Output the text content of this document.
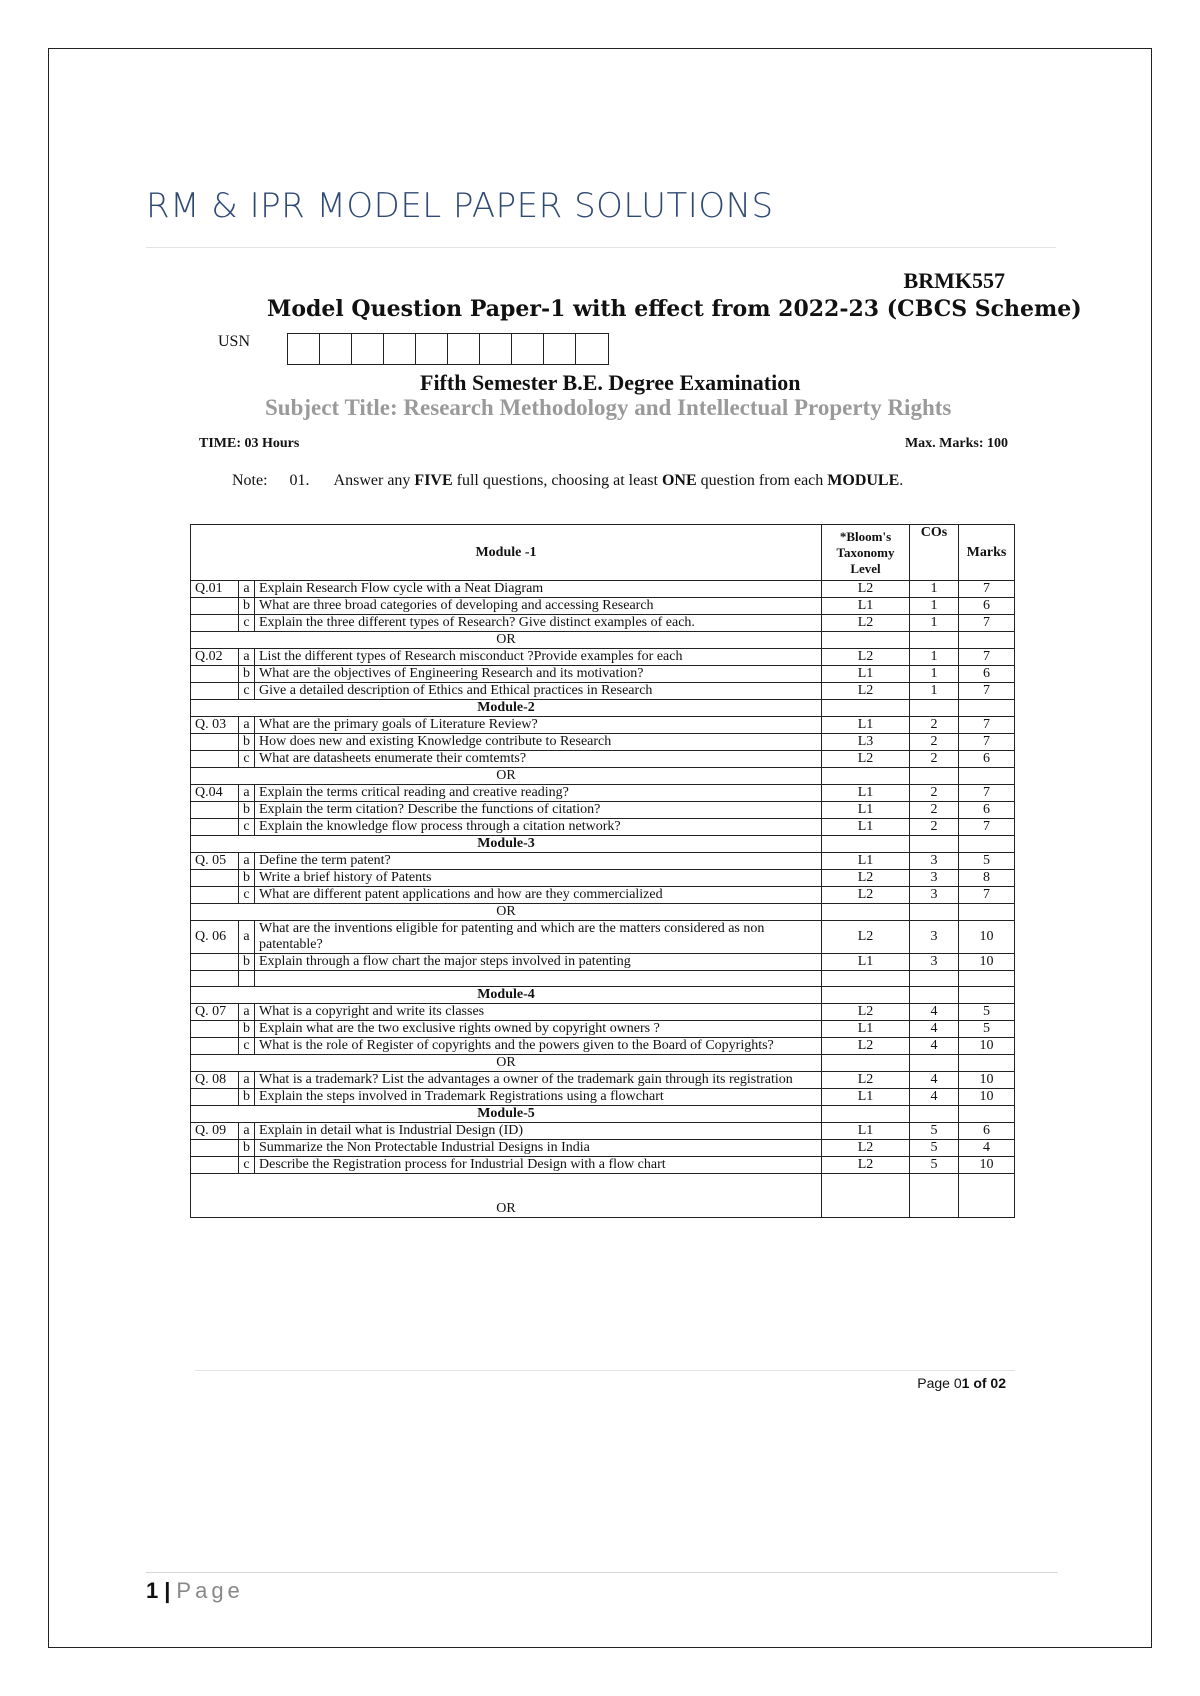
RM & IPR MODEL PAPER SOLUTIONS
BRMK557
Model Question Paper-1 with effect from 2022-23 (CBCS Scheme)
USN
Fifth Semester B.E. Degree Examination
Subject Title: Research Methodology and Intellectual Property Rights
TIME: 03 Hours	Max. Marks: 100
Note: 01. Answer any FIVE full questions, choosing at least ONE question from each MODULE.
Module -1			*Bloom's Taxonomy Level	COs	Marks
Q.01	a	Explain Research Flow cycle with a Neat Diagram	L2	1	7
	b	What are three broad categories of developing and accessing Research	L1	1	6
	c	Explain the three different types of Research? Give distinct examples of each.	L2	1	7
OR					
Q.02	a	List the different types of Research misconduct ?Provide examples for each	L2	1	7
	b	What are the objectives of Engineering Research and its motivation?	L1	1	6
	c	Give a detailed description of Ethics and Ethical practices in Research	L2	1	7
Module-2					
Q. 03	a	What are the primary goals of Literature Review?	L1	2	7
	b	How does new and existing Knowledge contribute to Research	L3	2	7
	c	What are datasheets enumerate their comtemts?	L2	2	6
OR					
Q.04	a	Explain the terms critical reading and creative reading?	L1	2	7
	b	Explain the term citation? Describe the functions of citation?	L1	2	6
	c	Explain the knowledge flow process through a citation network?	L1	2	7
Module-3					
Q. 05	a	Define the term patent?	L1	3	5
	b	Write a brief history of Patents	L2	3	8
	c	What are different patent applications and how are they commercialized	L2	3	7
OR					
Q. 06	a	What are the inventions eligible for patenting and which are the matters considered as non patentable?	L2	3	10
	b	Explain through a flow chart the major steps involved in patenting	L1	3	10

Module-4					
Q. 07	a	What is a copyright and write its classes	L2	4	5
	b	Explain what are the two exclusive rights owned by copyright owners ?	L1	4	5
	c	What is the role of Register of copyrights and the powers given to the Board of Copyrights?	L2	4	10
OR					
Q. 08	a	What is a trademark? List the advantages a owner of the trademark gain through its registration	L2	4	10
	b	Explain the steps involved in Trademark Registrations using a flowchart	L1	4	10
Module-5					
Q. 09	a	Explain in detail what is Industrial Design (ID)	L1	5	6
	b	Summarize the Non Protectable Industrial Designs in India	L2	5	4
	c	Describe the Registration process for Industrial Design with a flow chart	L2	5	10
OR					
Page 01 of 02
1 | Page
